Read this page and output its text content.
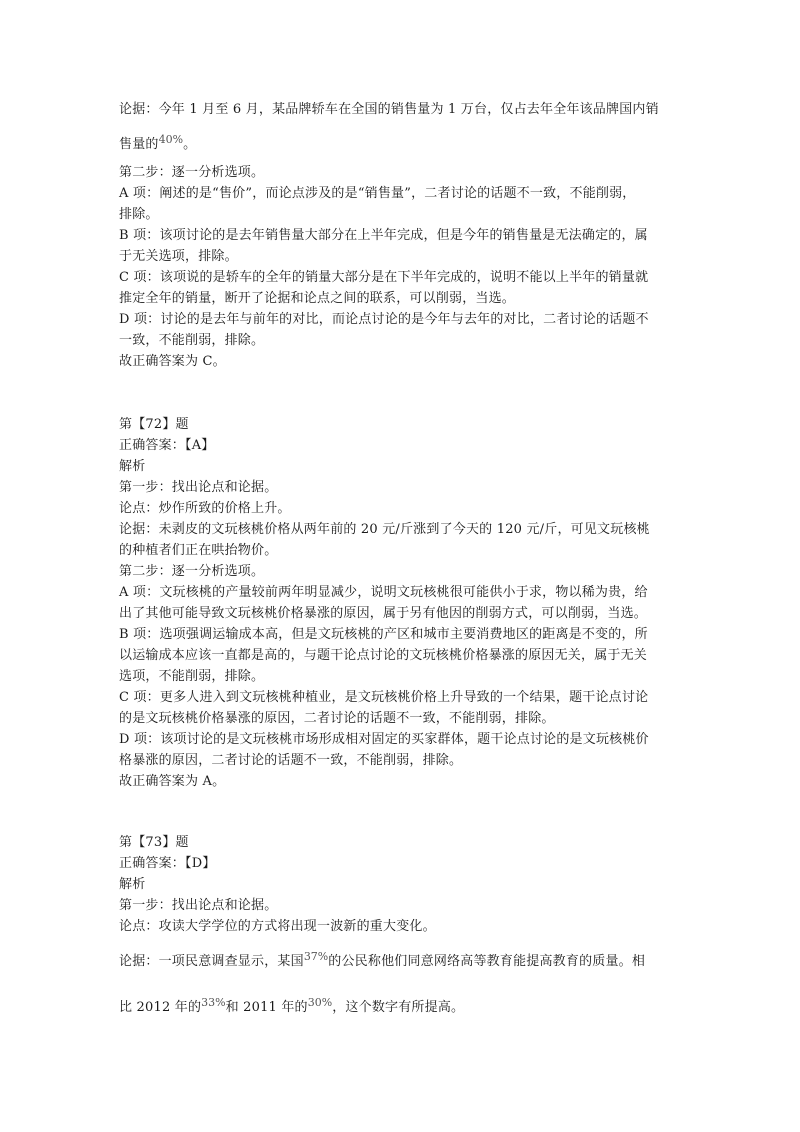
论据：今年 1 月至 6 月，某品牌轿车在全国的销售量为 1 万台，仅占去年全年该品牌国内销
售量的$^{40\%}$。
第二步：逐一分析选项。
A 项：阐述的是“售价”，而论点涉及的是“销售量”，二者讨论的话题不一致，不能削弱，
排除。
B 项：该项讨论的是去年销售量大部分在上半年完成，但是今年的销售量是无法确定的，属
于无关选项，排除。
C 项：该项说的是轿车的全年的销量大部分是在下半年完成的，说明不能以上半年的销量就
推定全年的销量，断开了论据和论点之间的联系，可以削弱，当选。
D 项：讨论的是去年与前年的对比，而论点讨论的是今年与去年的对比，二者讨论的话题不
一致，不能削弱，排除。
故正确答案为 C。
第【72】题
正确答案：【A】
解析
第一步：找出论点和论据。
论点：炒作所致的价格上升。
论据：未剥皮的文玩核桃价格从两年前的 20 元/斤涨到了今天的 120 元/斤，可见文玩核桃
的种植者们正在哄抬物价。
第二步：逐一分析选项。
A 项：文玩核桃的产量较前两年明显减少，说明文玩核桃很可能供小于求，物以稀为贵，给
出了其他可能导致文玩核桃价格暴涨的原因，属于另有他因的削弱方式，可以削弱，当选。
B 项：选项强调运输成本高，但是文玩核桃的产区和城市主要消费地区的距离是不变的，所
以运输成本应该一直都是高的，与题干论点讨论的文玩核桃价格暴涨的原因无关，属于无关
选项，不能削弱，排除。
C 项：更多人进入到文玩核桃种植业，是文玩核桃价格上升导致的一个结果，题干论点讨论
的是文玩核桃价格暴涨的原因，二者讨论的话题不一致，不能削弱，排除。
D 项：该项讨论的是文玩核桃市场形成相对固定的买家群体，题干论点讨论的是文玩核桃价
格暴涨的原因，二者讨论的话题不一致，不能削弱，排除。
故正确答案为 A。
第【73】题
正确答案：【D】
解析
第一步：找出论点和论据。
论点：攻读大学学位的方式将出现一波新的重大变化。
论据：一项民意调查显示，某国$^{37\%}$的公民称他们同意网络高等教育能提高教育的质量。相
比 2012 年的$^{33\%}$和 2011 年的$^{30\%}$，这个数字有所提高。
